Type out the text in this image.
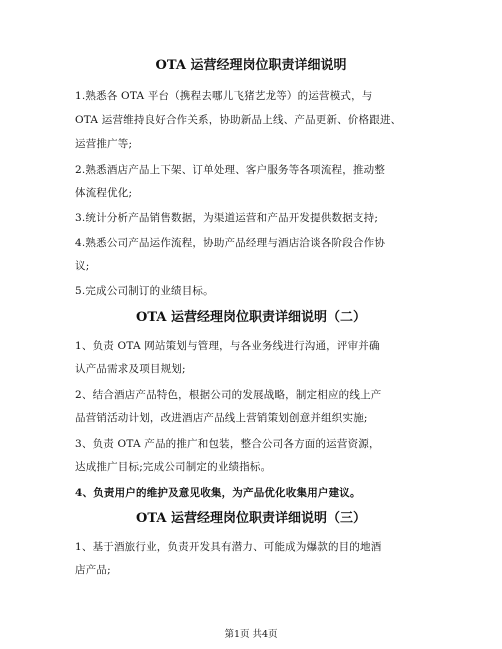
OTA 运营经理岗位职责详细说明
1.熟悉各 OTA 平台（携程去哪儿飞猪艺龙等）的运营模式，与
OTA 运营维持良好合作关系，协助新品上线、产品更新、价格跟进、
运营推广等;
2.熟悉酒店产品上下架、订单处理、客户服务等各项流程，推动整
体流程优化;
3.统计分析产品销售数据，为渠道运营和产品开发提供数据支持;
4.熟悉公司产品运作流程，协助产品经理与酒店洽谈各阶段合作协
议;
5.完成公司制订的业绩目标。
OTA 运营经理岗位职责详细说明（二）
1、负责 OTA 网站策划与管理，与各业务线进行沟通，评审并确
认产品需求及项目规划;
2、结合酒店产品特色，根据公司的发展战略，制定相应的线上产
品营销活动计划，改进酒店产品线上营销策划创意并组织实施;
3、负责 OTA 产品的推广和包装，整合公司各方面的运营资源，
达成推广目标;完成公司制定的业绩指标。
4、负责用户的维护及意见收集，为产品优化收集用户建议。
OTA 运营经理岗位职责详细说明（三）
1、基于酒旅行业，负责开发具有潜力、可能成为爆款的目的地酒
店产品;
第1页 共4页
